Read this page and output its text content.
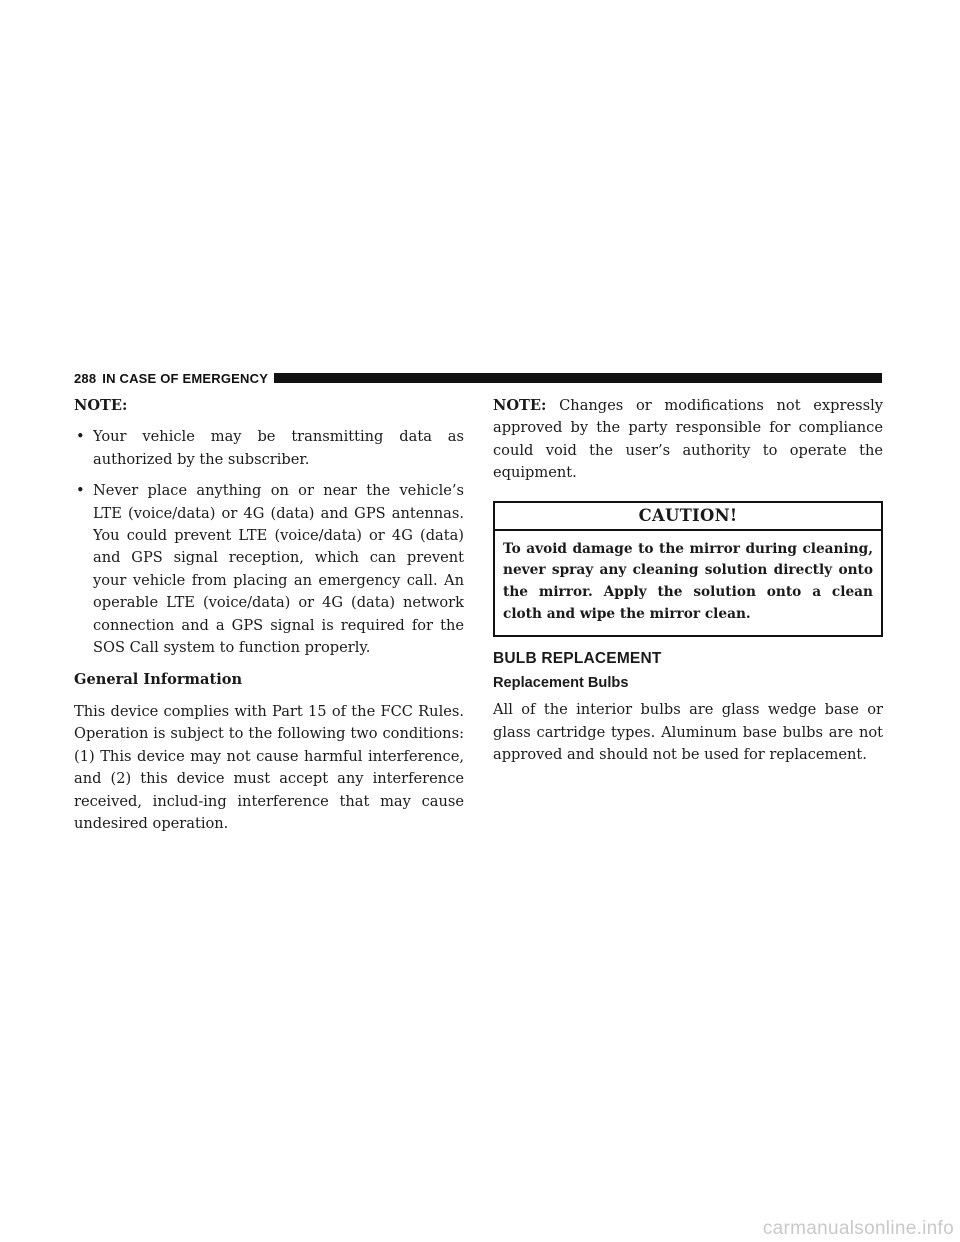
288 IN CASE OF EMERGENCY

NOTE:

• Your vehicle may be transmitting data as authorized by the subscriber.
• Never place anything on or near the vehicle’s LTE (voice/data) or 4G (data) and GPS antennas. You could prevent LTE (voice/data) or 4G (data) and GPS signal reception, which can prevent your vehicle from placing an emergency call. An operable LTE (voice/data) or 4G (data) network connection and a GPS signal is required for the SOS Call system to function properly.

General Information

This device complies with Part 15 of the FCC Rules. Operation is subject to the following two conditions: (1) This device may not cause harmful interference, and (2) this device must accept any interference received, includ-ing interference that may cause undesired operation.

NOTE: Changes or modifications not expressly approved by the party responsible for compliance could void the user’s authority to operate the equipment.

CAUTION!
To avoid damage to the mirror during cleaning, never spray any cleaning solution directly onto the mirror. Apply the solution onto a clean cloth and wipe the mirror clean.
BULB REPLACEMENT
Replacement Bulbs

All of the interior bulbs are glass wedge base or glass cartridge types. Aluminum base bulbs are not approved and should not be used for replacement.

carmanualsonline.info
